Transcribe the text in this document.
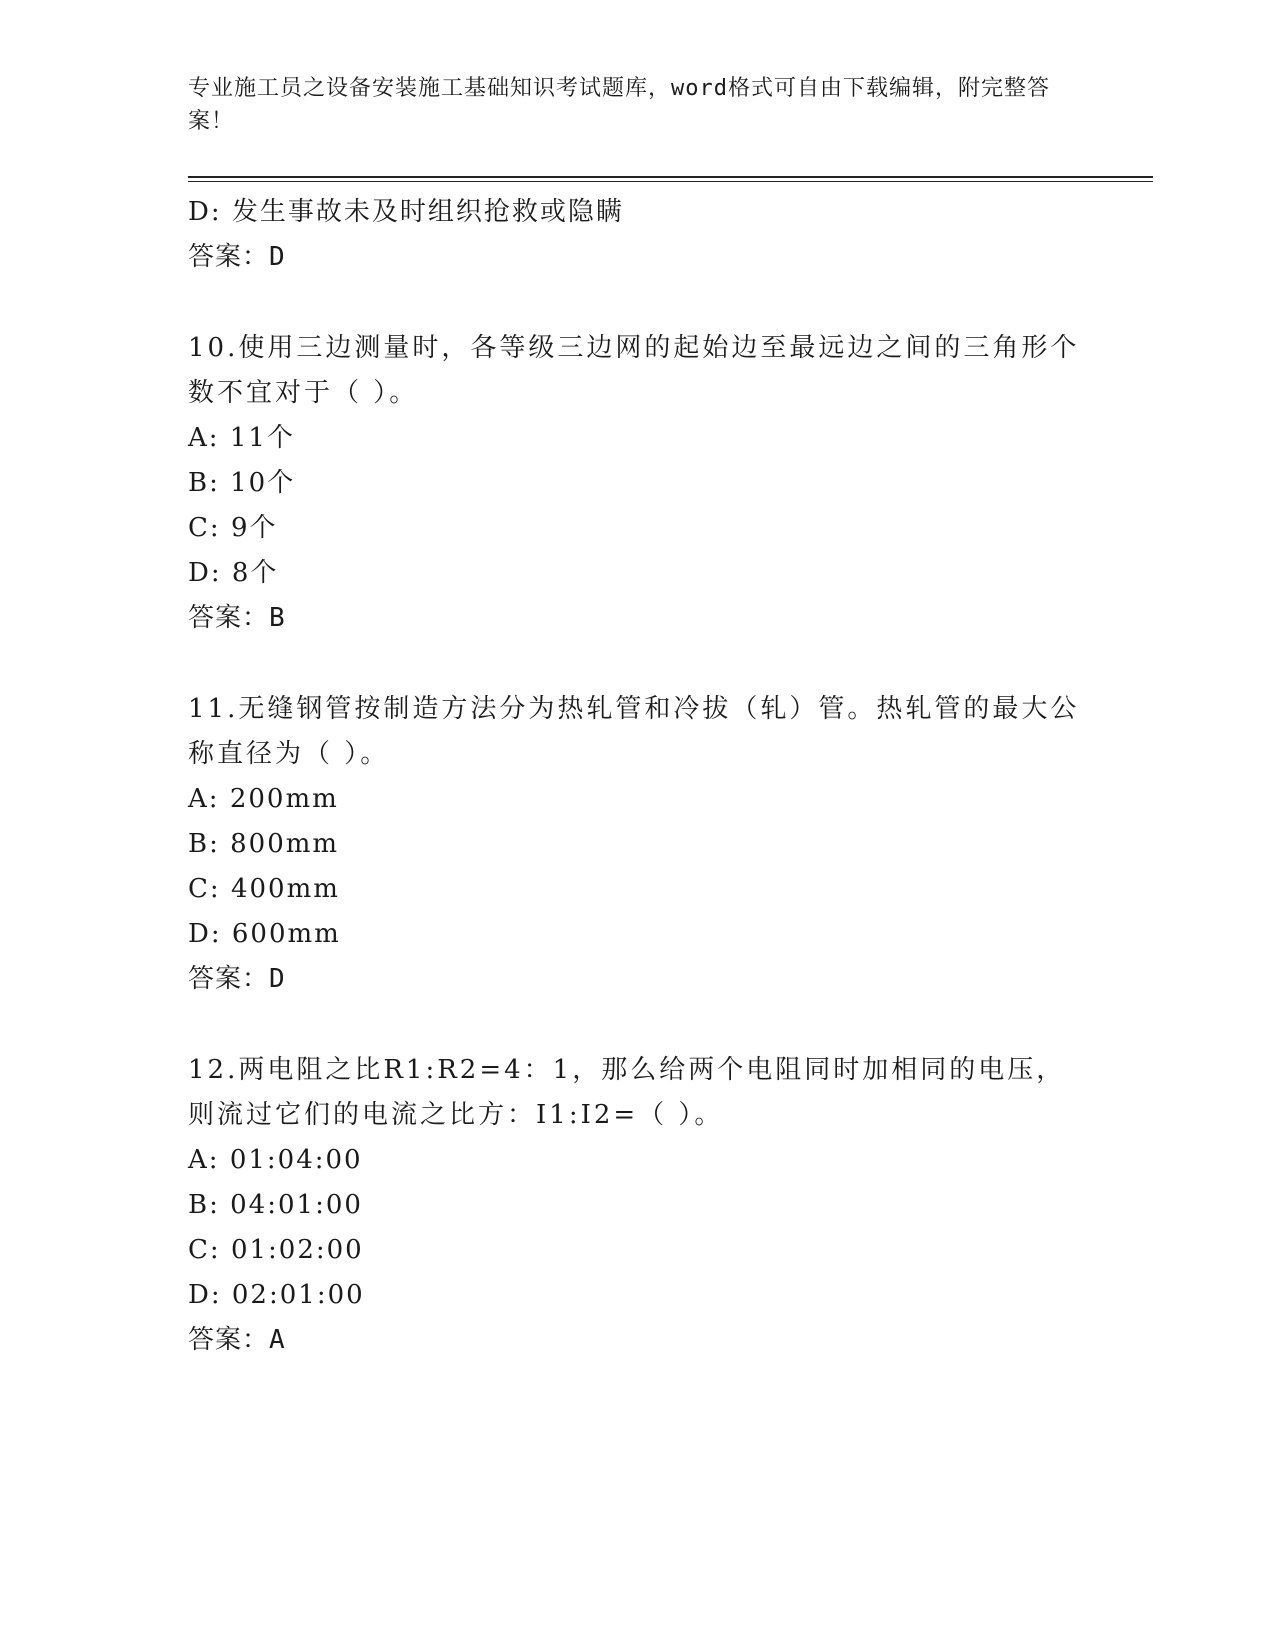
专业施工员之设备安装施工基础知识考试题库，word格式可自由下载编辑，附完整答案！

D: 发生事故未及时组织抢救或隐瞒

答案：D

10.使用三边测量时，各等级三边网的起始边至最远边之间的三角形个数不宜对于（ ）。

A: 11个

B: 10个

C: 9个

D: 8个

答案：B

11.无缝钢管按制造方法分为热轧管和冷拔（轧）管。热轧管的最大公称直径为（ ）。

A: 200mm

B: 800mm

C: 400mm

D: 600mm

答案：D

12.两电阻之比R1:R2=4：1，那么给两个电阻同时加相同的电压，则流过它们的电流之比方：I1:I2=（ ）。

A: 01:04:00

B: 04:01:00

C: 01:02:00

D: 02:01:00

答案：A
